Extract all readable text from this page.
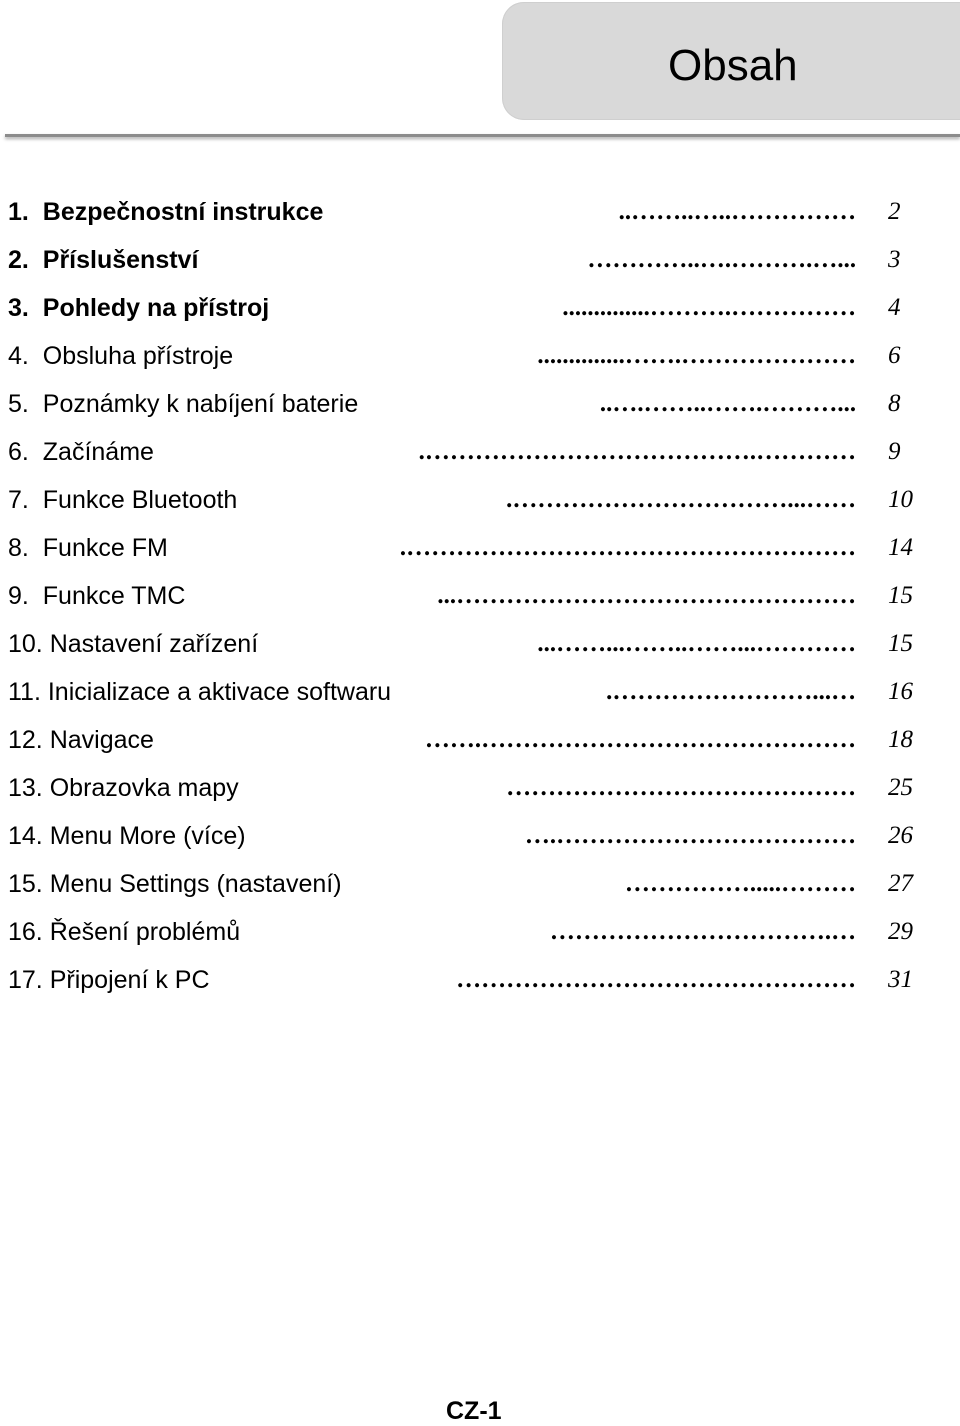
Obsah
1. Bezpečnostní instrukce	……………..…..…….. 2
2. Příslušenství	...….……….…..………… 3
3. Pohledy na přístroj	…………….……….............. 4
4. Obsluha přístroje	………………….…….............. 6
5. Poznámky k nabíjení baterie	...……….……..…….….. 8
6. Začínáme	………….…………………………………. 9
7. Funkce Bluetooth	……...……………………………. 10
8. Funkce FM	………………………………………………. 14
9. Funkce TMC	…………………………………………... 15
10. Nastavení zařízení	…………...……..……...……... 15
11. Inicializace a aktivace softwaru	…...……………………. 16
12. Navigace	……………………………………….…… 18
13. Obrazovka mapy	…………………………………… 25
14. Menu More (více)	……………………………….… 26
15. Menu Settings (nastavení)	……….....…………… 27
16. Řešení problémů	….…………………………… 29
17. Připojení k PC	………………………………………… 31
CZ-1
